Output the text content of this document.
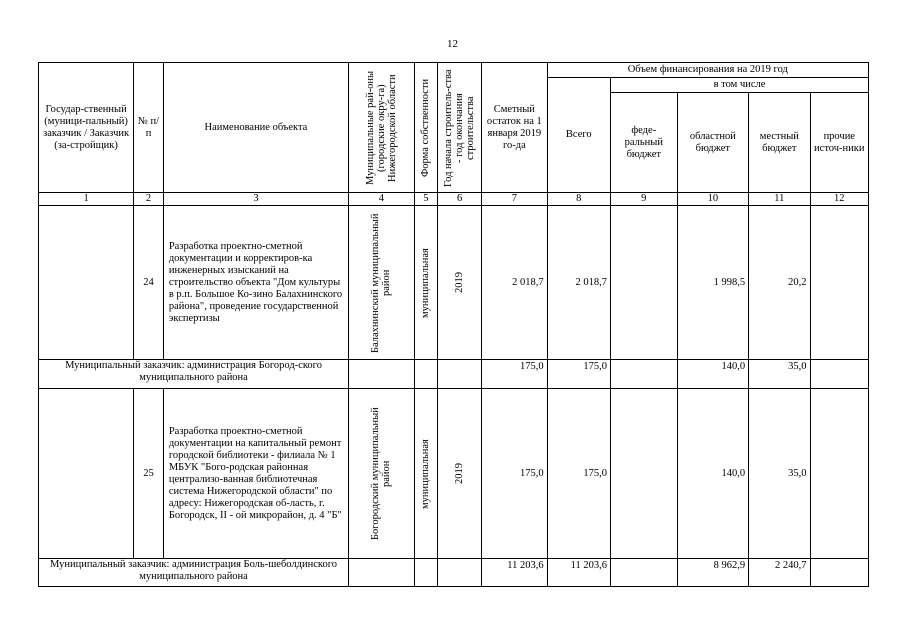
12
Государ-ственный (муници-пальный) заказчик / Заказчик (за-стройщик)	№ п/п	Наименование объекта	Муниципальные рай-оны (городские окру-га) Нижегородской области	Форма собственности	Год начала строитель-ства - год окончания строительства	Сметный остаток на 1 января 2019 го-да	Объем финансирования на 2019 год				
							Всего	в том числе			
								феде-ральный бюджет	областной бюджет	местный бюджет	прочие источ-ники
1	2	3	4	5	6	7	8	9	10	11	12
	24	Разработка проектно-сметной документации и корректиров-ка инженерных изысканий на строительство объекта "Дом культуры в р.п. Большое Ко-зино Балахнинского района", проведение государственной экспертизы	Балахнинский муниципальный район	муниципальная	2019	2 018,7	2 018,7		1 998,5	20,2	
Муниципальный заказчик: администрация Богород-ского муниципального района						175,0	175,0		140,0	35,0	
	25	Разработка проектно-сметной документации на капитальный ремонт городской библиотеки - филиала № 1 МБУК "Бого-родская районная централизо-ванная библиотечная система Нижегородской области" по адресу: Нижегородская об-ласть, г. Богородск, II - ой микрорайон, д. 4 "Б"	Богородский муниципальный район	муниципальная	2019	175,0	175,0		140,0	35,0	
Муниципальный заказчик: администрация Боль-шеболдинского муниципального района						11 203,6	11 203,6		8 962,9	2 240,7	
